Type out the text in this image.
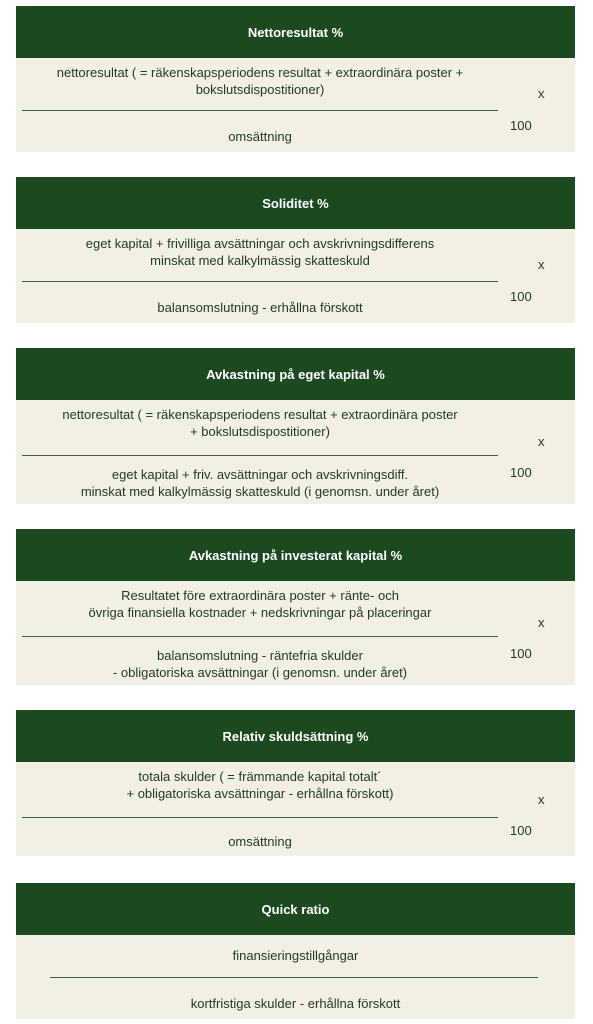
Nettoresultat %
nettoresultat ( = räkenskapsperiodens resultat + extraordinära poster +
bokslutsdispostitioner)
omsättning
x
100
Soliditet %
eget kapital + frivilliga avsättningar och avskrivningsdifferens
minskat med kalkylmässig skatteskuld
balansomslutning - erhållna förskott
x
100
Avkastning på eget kapital %
nettoresultat ( = räkenskapsperiodens resultat + extraordinära poster
+ bokslutsdispostitioner)
eget kapital + friv. avsättningar och avskrivningsdiff.
minskat med kalkylmässig skatteskuld (i genomsn. under året)
x
100
Avkastning på investerat kapital %
Resultatet före extraordinära poster + ränte- och
övriga finansiella kostnader + nedskrivningar på placeringar
balansomslutning - räntefria skulder
- obligatoriska avsättningar (i genomsn. under året)
x
100
Relativ skuldsättning %
totala skulder ( = främmande kapital totalt´
+ obligatoriska avsättningar - erhållna förskott)
omsättning
x
100
Quick ratio
finansieringstillgångar
kortfristiga skulder - erhållna förskott
